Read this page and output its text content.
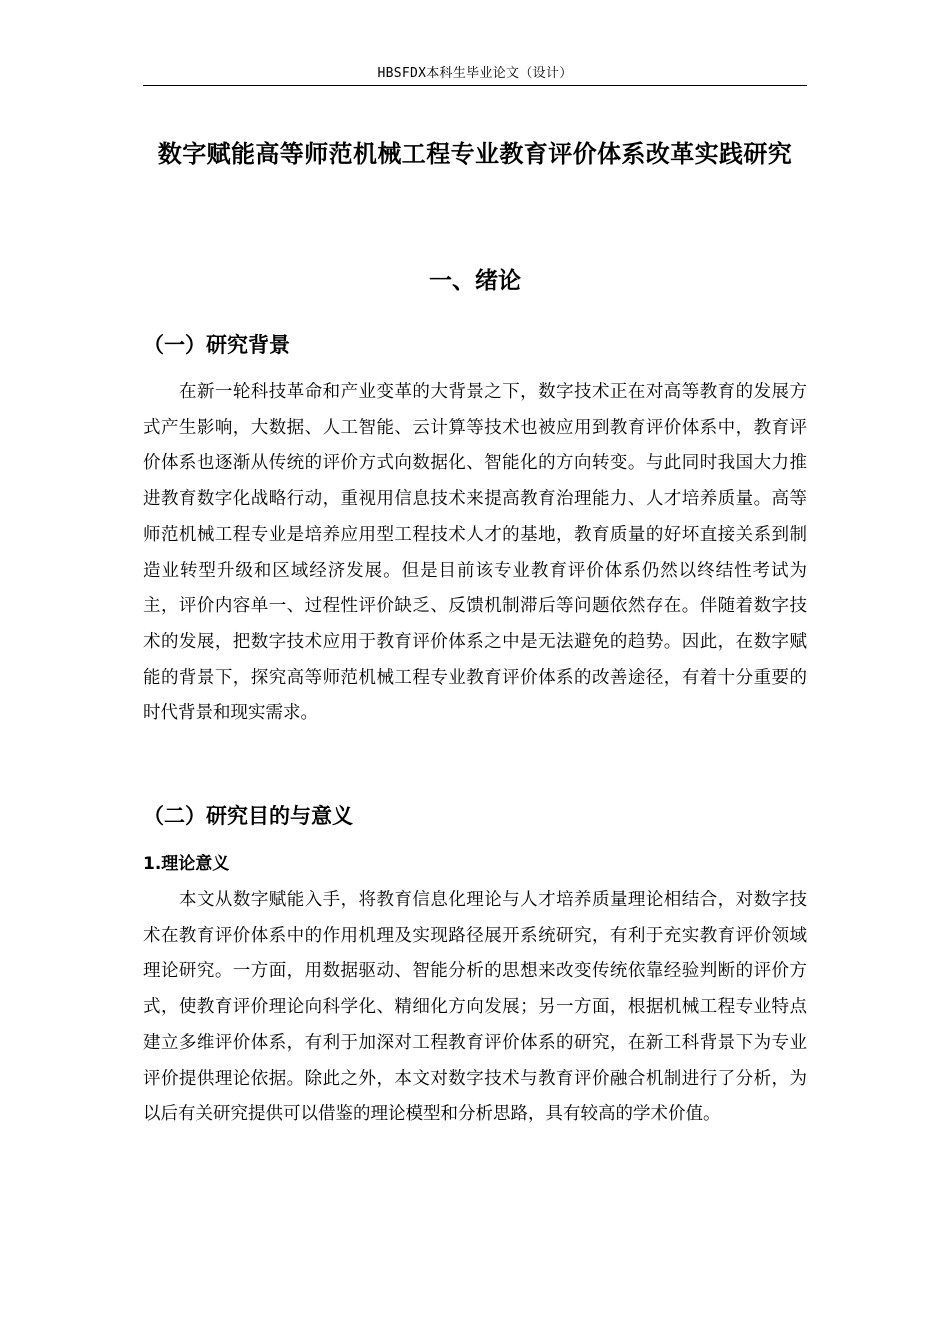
HBSFDX本科生毕业论文（设计）
数字赋能高等师范机械工程专业教育评价体系改革实践研究
一、绪论
（一）研究背景

在新一轮科技革命和产业变革的大背景之下，数字技术正在对高等教育的发展方式产生影响，大数据、人工智能、云计算等技术也被应用到教育评价体系中，教育评价体系也逐渐从传统的评价方式向数据化、智能化的方向转变。与此同时我国大力推进教育数字化战略行动，重视用信息技术来提高教育治理能力、人才培养质量。高等师范机械工程专业是培养应用型工程技术人才的基地，教育质量的好坏直接关系到制造业转型升级和区域经济发展。但是目前该专业教育评价体系仍然以终结性考试为主，评价内容单一、过程性评价缺乏、反馈机制滞后等问题依然存在。伴随着数字技术的发展，把数字技术应用于教育评价体系之中是无法避免的趋势。因此，在数字赋能的背景下，探究高等师范机械工程专业教育评价体系的改善途径，有着十分重要的时代背景和现实需求。

（二）研究目的与意义
1.理论意义

本文从数字赋能入手，将教育信息化理论与人才培养质量理论相结合，对数字技术在教育评价体系中的作用机理及实现路径展开系统研究，有利于充实教育评价领域理论研究。一方面，用数据驱动、智能分析的思想来改变传统依靠经验判断的评价方式，使教育评价理论向科学化、精细化方向发展；另一方面，根据机械工程专业特点建立多维评价体系，有利于加深对工程教育评价体系的研究，在新工科背景下为专业评价提供理论依据。除此之外，本文对数字技术与教育评价融合机制进行了分析，为以后有关研究提供可以借鉴的理论模型和分析思路，具有较高的学术价值。
